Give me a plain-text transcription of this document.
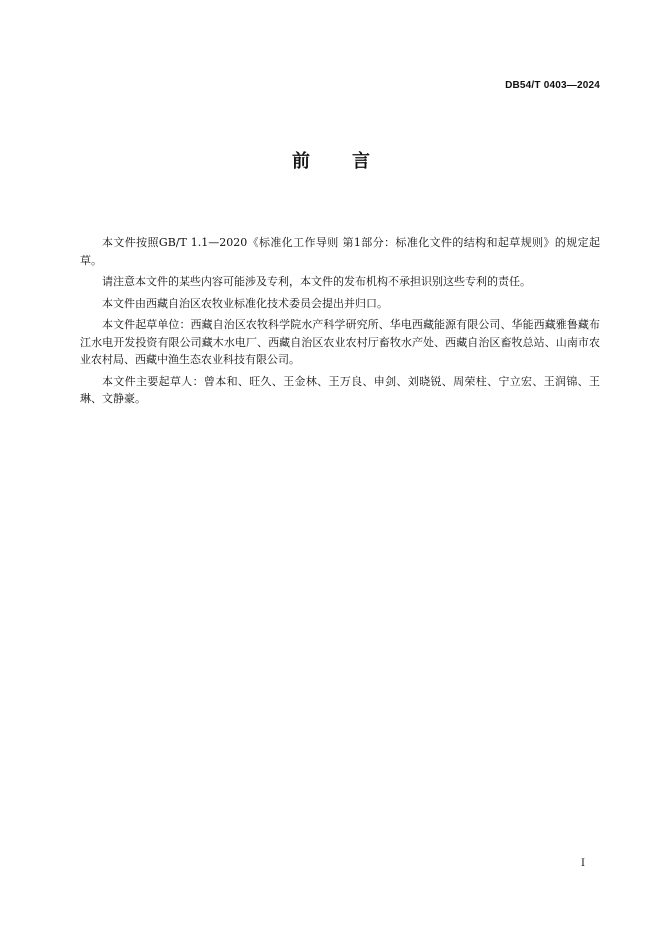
DB54/T 0403—2024
前 言

本文件按照GB/T 1.1—2020《标准化工作导则 第1部分：标准化文件的结构和起草规则》的规定起草。

请注意本文件的某些内容可能涉及专利，本文件的发布机构不承担识别这些专利的责任。

本文件由西藏自治区农牧业标准化技术委员会提出并归口。

本文件起草单位：西藏自治区农牧科学院水产科学研究所、华电西藏能源有限公司、华能西藏雅鲁藏布江水电开发投资有限公司藏木水电厂、西藏自治区农业农村厅畜牧水产处、西藏自治区畜牧总站、山南市农业农村局、西藏中渔生态农业科技有限公司。

本文件主要起草人：曾本和、旺久、王金林、王万良、申剑、刘晓锐、周荣柱、宁立宏、王润锦、王琳、文静豪。

I
